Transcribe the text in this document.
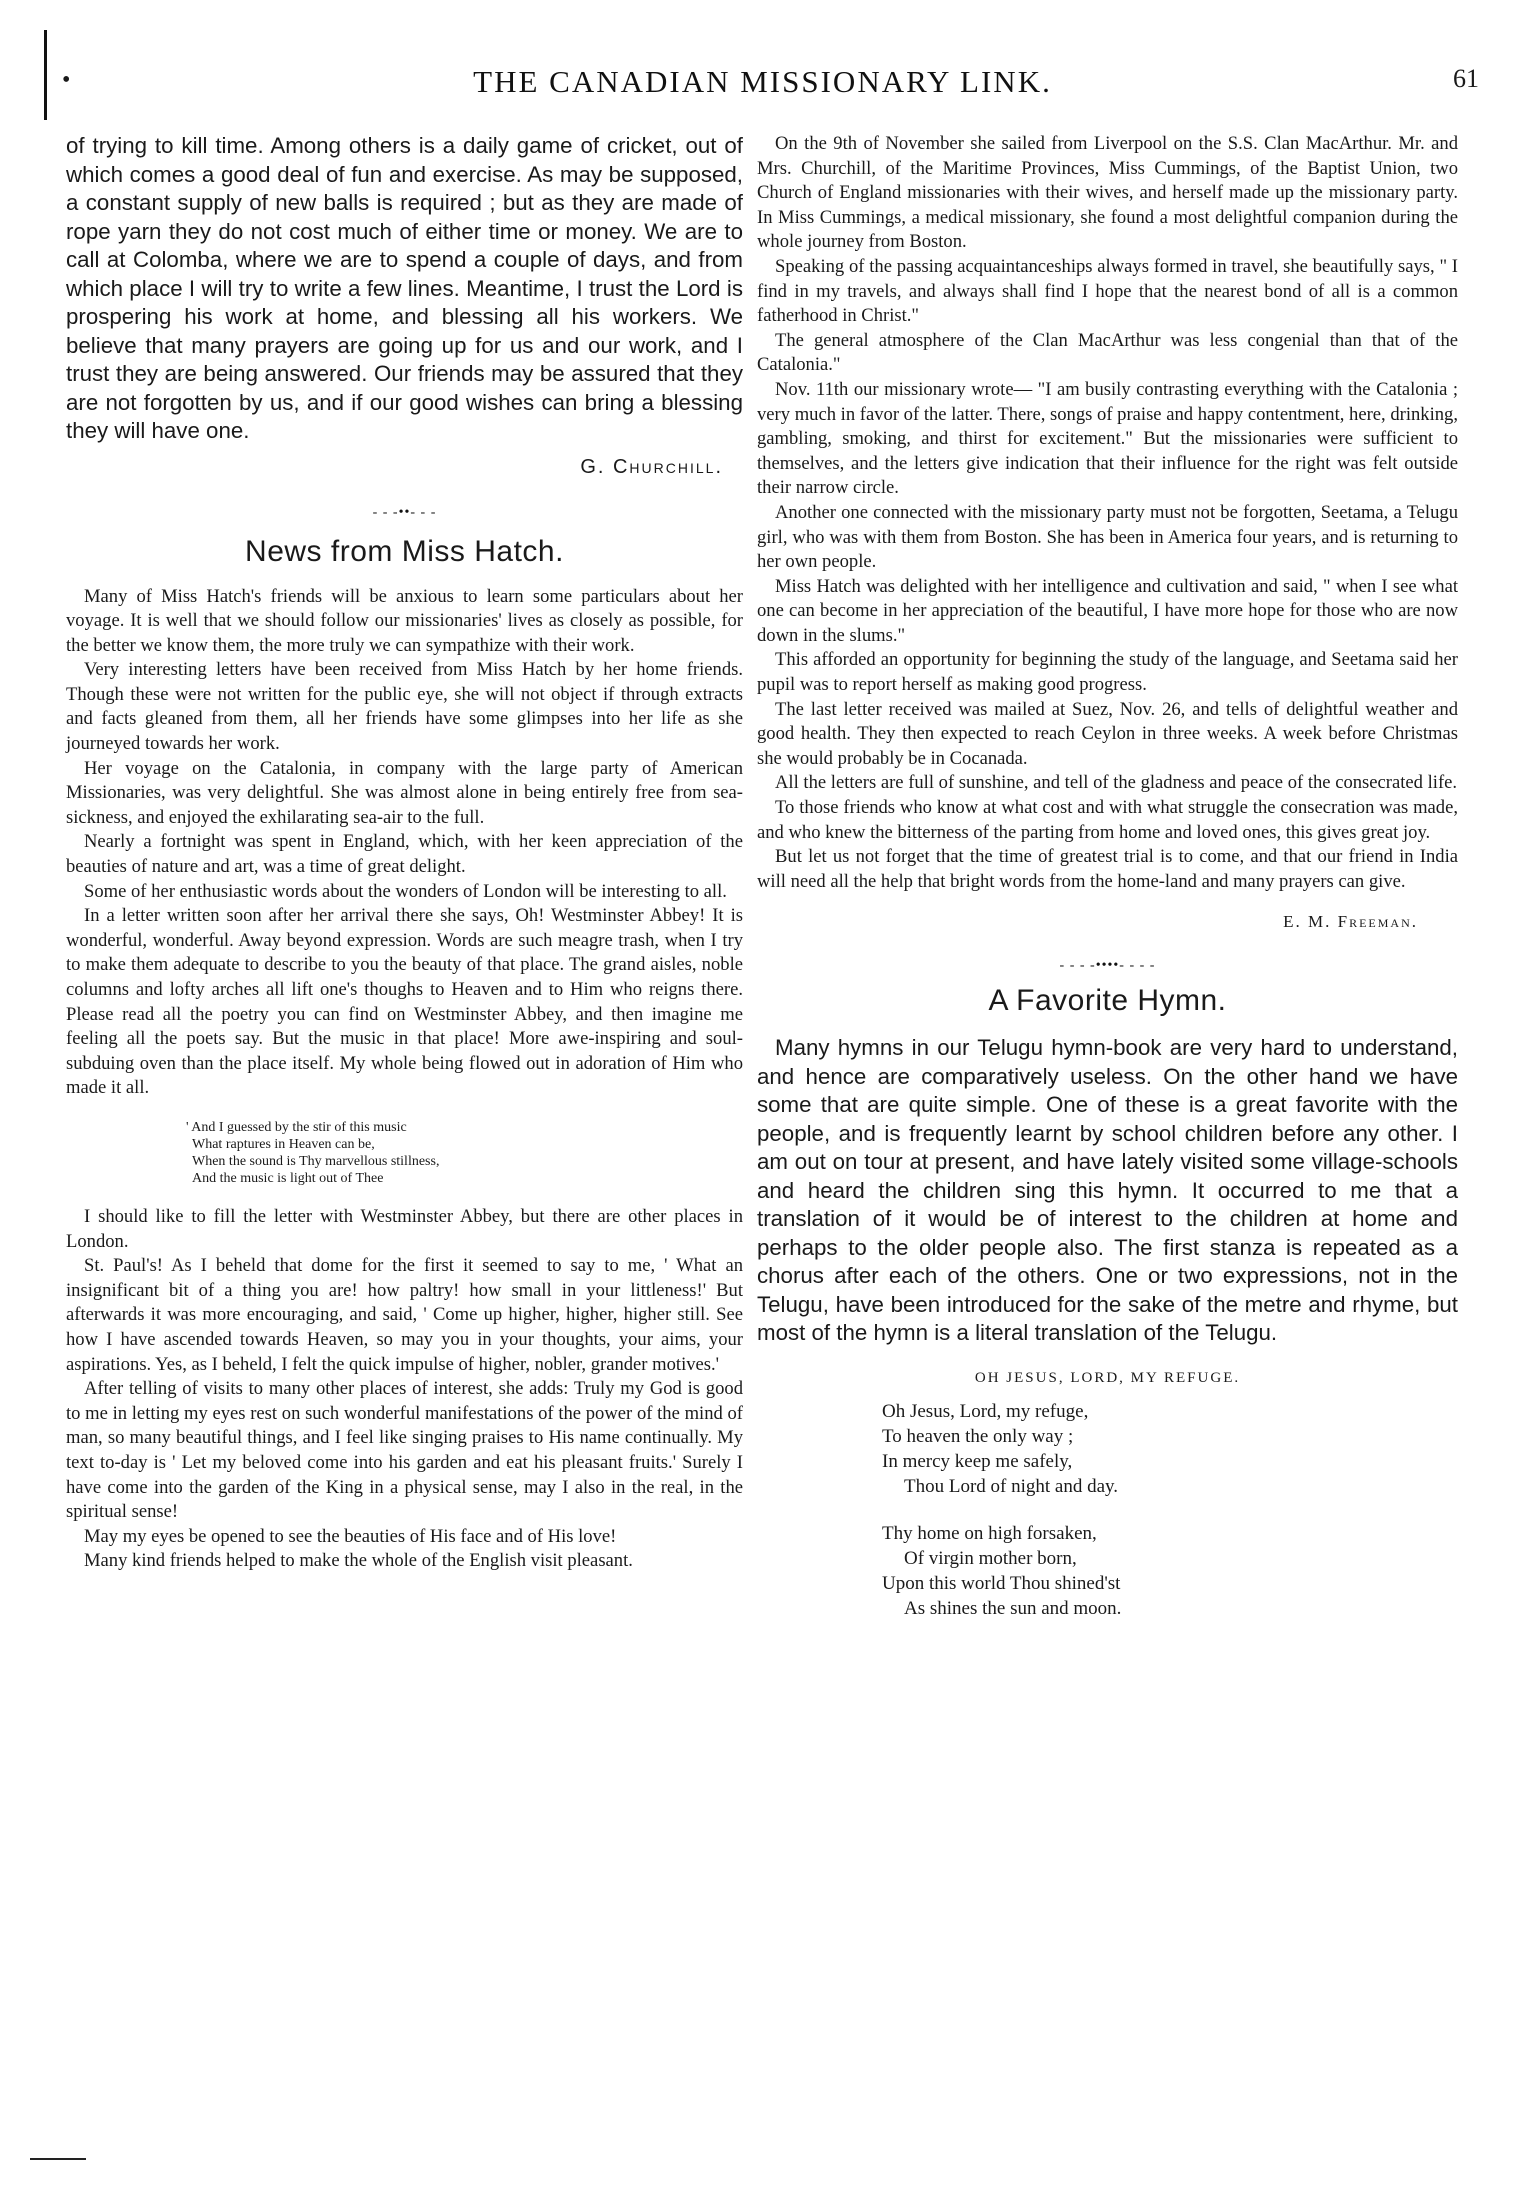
•	THE CANADIAN MISSIONARY LINK.	61

of trying to kill time. Among others is a daily game of cricket, out of which comes a good deal of fun and exercise. As may be supposed, a constant supply of new balls is required ; but as they are made of rope yarn they do not cost much of either time or money. We are to call at Colomba, where we are to spend a couple of days, and from which place I will try to write a few lines. Meantime, I trust the Lord is prospering his work at home, and blessing all his workers. We believe that many prayers are going up for us and our work, and I trust they are being answered. Our friends may be assured that they are not forgotten by us, and if our good wishes can bring a blessing they will have one.

G. Churchill.
- - -••- - -
News from Miss Hatch.

Many of Miss Hatch's friends will be anxious to learn some particulars about her voyage. It is well that we should follow our missionaries' lives as closely as possible, for the better we know them, the more truly we can sympathize with their work.

Very interesting letters have been received from Miss Hatch by her home friends. Though these were not written for the public eye, she will not object if through extracts and facts gleaned from them, all her friends have some glimpses into her life as she journeyed towards her work.

Her voyage on the Catalonia, in company with the large party of American Missionaries, was very delightful. She was almost alone in being entirely free from sea-sickness, and enjoyed the exhilarating sea-air to the full.

Nearly a fortnight was spent in England, which, with her keen appreciation of the beauties of nature and art, was a time of great delight.

Some of her enthusiastic words about the wonders of London will be interesting to all.

In a letter written soon after her arrival there she says, Oh! Westminster Abbey! It is wonderful, wonderful. Away beyond expression. Words are such meagre trash, when I try to make them adequate to describe to you the beauty of that place. The grand aisles, noble columns and lofty arches all lift one's thoughs to Heaven and to Him who reigns there. Please read all the poetry you can find on Westminster Abbey, and then imagine me feeling all the poets say. But the music in that place! More awe-inspiring and soul-subduing oven than the place itself. My whole being flowed out in adoration of Him who made it all.

' And I guessed by the stir of this music
What raptures in Heaven can be,
When the sound is Thy marvellous stillness,
And the music is light out of Thee

I should like to fill the letter with Westminster Abbey, but there are other places in London.

St. Paul's! As I beheld that dome for the first it seemed to say to me, ' What an insignificant bit of a thing you are! how paltry! how small in your littleness!' But afterwards it was more encouraging, and said, ' Come up higher, higher, higher still. See how I have ascended towards Heaven, so may you in your thoughts, your aims, your aspirations. Yes, as I beheld, I felt the quick impulse of higher, nobler, grander motives.'

After telling of visits to many other places of interest, she adds: Truly my God is good to me in letting my eyes rest on such wonderful manifestations of the power of the mind of man, so many beautiful things, and I feel like singing praises to His name continually. My text to-day is ' Let my beloved come into his garden and eat his pleasant fruits.' Surely I have come into the garden of the King in a physical sense, may I also in the real, in the spiritual sense!

May my eyes be opened to see the beauties of His face and of His love!

Many kind friends helped to make the whole of the English visit pleasant.

On the 9th of November she sailed from Liverpool on the S.S. Clan MacArthur. Mr. and Mrs. Churchill, of the Maritime Provinces, Miss Cummings, of the Baptist Union, two Church of England missionaries with their wives, and herself made up the missionary party. In Miss Cummings, a medical missionary, she found a most delightful companion during the whole journey from Boston.

Speaking of the passing acquaintanceships always formed in travel, she beautifully says, " I find in my travels, and always shall find I hope that the nearest bond of all is a common fatherhood in Christ."

The general atmosphere of the Clan MacArthur was less congenial than that of the Catalonia."

Nov. 11th our missionary wrote— "I am busily contrasting everything with the Catalonia ; very much in favor of the latter. There, songs of praise and happy contentment, here, drinking, gambling, smoking, and thirst for excitement." But the missionaries were sufficient to themselves, and the letters give indication that their influence for the right was felt outside their narrow circle.

Another one connected with the missionary party must not be forgotten, Seetama, a Telugu girl, who was with them from Boston. She has been in America four years, and is returning to her own people.

Miss Hatch was delighted with her intelligence and cultivation and said, " when I see what one can become in her appreciation of the beautiful, I have more hope for those who are now down in the slums."

This afforded an opportunity for beginning the study of the language, and Seetama said her pupil was to report herself as making good progress.

The last letter received was mailed at Suez, Nov. 26, and tells of delightful weather and good health. They then expected to reach Ceylon in three weeks. A week before Christmas she would probably be in Cocanada.

All the letters are full of sunshine, and tell of the gladness and peace of the consecrated life.

To those friends who know at what cost and with what struggle the consecration was made, and who knew the bitterness of the parting from home and loved ones, this gives great joy.

But let us not forget that the time of greatest trial is to come, and that our friend in India will need all the help that bright words from the home-land and many prayers can give.

E. M. Freeman.
- - - -••••- - - -
A Favorite Hymn.

Many hymns in our Telugu hymn-book are very hard to understand, and hence are comparatively useless. On the other hand we have some that are quite simple. One of these is a great favorite with the people, and is frequently learnt by school children before any other. I am out on tour at present, and have lately visited some village-schools and heard the children sing this hymn. It occurred to me that a translation of it would be of interest to the children at home and perhaps to the older people also. The first stanza is repeated as a chorus after each of the others. One or two expressions, not in the Telugu, have been introduced for the sake of the metre and rhyme, but most of the hymn is a literal translation of the Telugu.

OH JESUS, LORD, MY REFUGE.
Oh Jesus, Lord, my refuge,
To heaven the only way ;
In mercy keep me safely,
Thou Lord of night and day.
Thy home on high forsaken,
Of virgin mother born,
Upon this world Thou shined'st
As shines the sun and moon.
